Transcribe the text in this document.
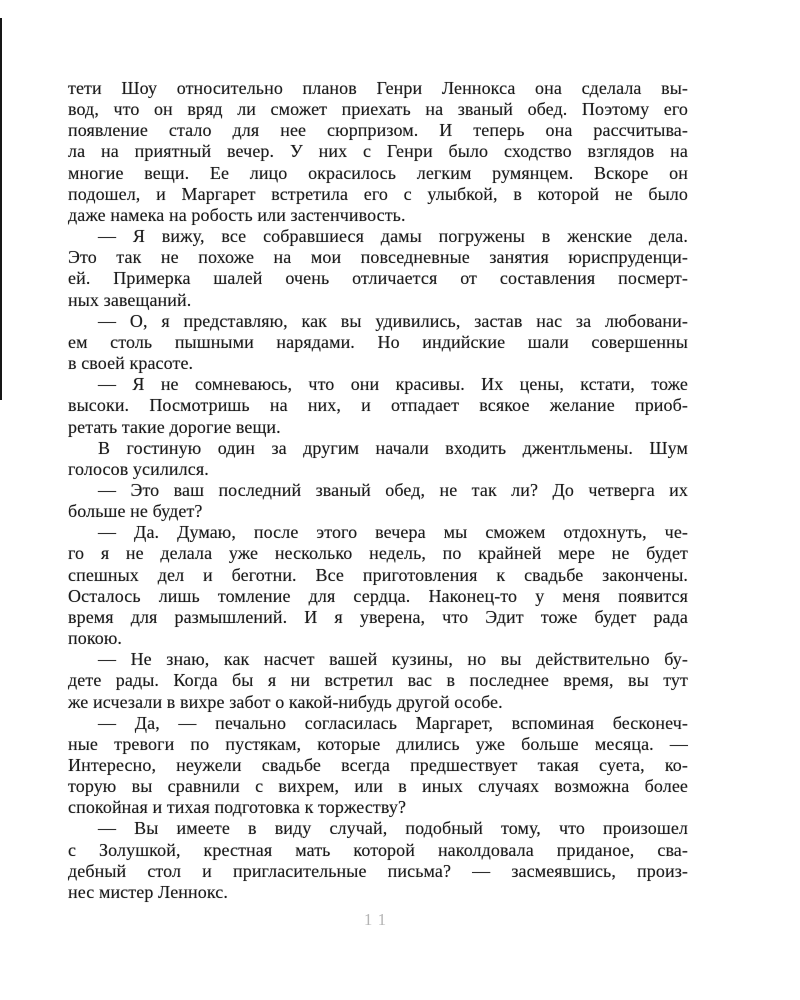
тети Шоу относительно планов Генри Леннокса она сделала вы-
вод, что он вряд ли сможет приехать на званый обед. Поэтому его
появление стало для нее сюрпризом. И теперь она рассчитыва-
ла на приятный вечер. У них с Генри было сходство взглядов на
многие вещи. Ее лицо окрасилось легким румянцем. Вскоре он
подошел, и Маргарет встретила его с улыбкой, в которой не было
даже намека на робость или застенчивость.
— Я вижу, все собравшиеся дамы погружены в женские дела.
Это так не похоже на мои повседневные занятия юриспруденци-
ей. Примерка шалей очень отличается от составления посмерт-
ных завещаний.
— О, я представляю, как вы удивились, застав нас за любовани-
ем столь пышными нарядами. Но индийские шали совершенны
в своей красоте.
— Я не сомневаюсь, что они красивы. Их цены, кстати, тоже
высоки. Посмотришь на них, и отпадает всякое желание приоб-
ретать такие дорогие вещи.
В гостиную один за другим начали входить джентльмены. Шум
голосов усилился.
— Это ваш последний званый обед, не так ли? До четверга их
больше не будет?
— Да. Думаю, после этого вечера мы сможем отдохнуть, че-
го я не делала уже несколько недель, по крайней мере не будет
спешных дел и беготни. Все приготовления к свадьбе закончены.
Осталось лишь томление для сердца. Наконец-то у меня появится
время для размышлений. И я уверена, что Эдит тоже будет рада
покою.
— Не знаю, как насчет вашей кузины, но вы действительно бу-
дете рады. Когда бы я ни встретил вас в последнее время, вы тут
же исчезали в вихре забот о какой-нибудь другой особе.
— Да, — печально согласилась Маргарет, вспоминая бесконеч-
ные тревоги по пустякам, которые длились уже больше месяца. —
Интересно, неужели свадьбе всегда предшествует такая суета, ко-
торую вы сравнили с вихрем, или в иных случаях возможна более
спокойная и тихая подготовка к торжеству?
— Вы имеете в виду случай, подобный тому, что произошел
с Золушкой, крестная мать которой наколдовала приданое, сва-
дебный стол и пригласительные письма? — засмеявшись, произ-
нес мистер Леннокс.
11
